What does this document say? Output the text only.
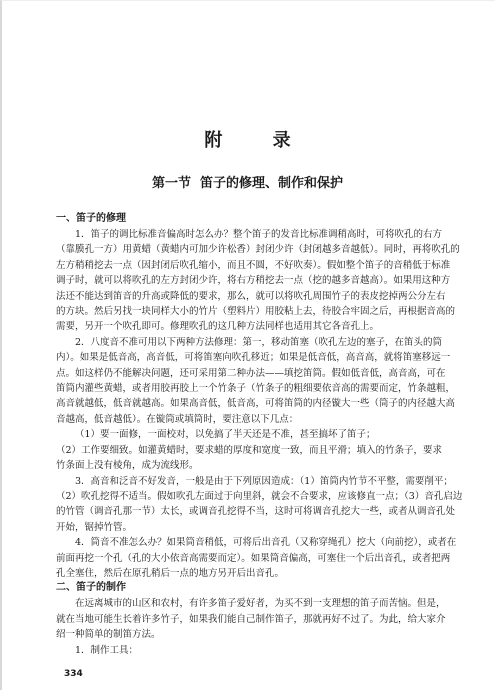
附 录
第一节  笛子的修理、制作和保护
一、笛子的修理
1．笛子的调比标准音偏高时怎么办？整个笛子的发音比标准调稍高时，可将吹孔的右方
（靠膜孔一方）用黄蜡（黄蜡内可加少许松香）封闭少许（封闭越多音越低）。同时，再将吹孔的
左方稍稍挖去一点（因封闭后吹孔缩小，而且不圆，不好吹奏）。假如整个笛子的音稍低于标准
调子时，就可以将吹孔的左方封闭少许，将右方稍挖去一点（挖的越多音越高）。如果用这种方
法还不能达到笛音的升高或降低的要求，那么，就可以将吹孔周围竹子的表皮挖掉两公分左右
的方块。然后另找一块同样大小的竹片（塑料片）用胶粘上去，待胶合牢固之后，再根据音高的
需要，另开一个吹孔即可。修理吹孔的这几种方法同样也适用其它各音孔上。
2．八度音不准可用以下两种方法修理：第一，移动笛塞（吹孔左边的塞子，在笛头的筒
内）。如果是低音高，高音低，可将笛塞向吹孔移近；如果是低音低，高音高，就将笛塞移远一
点。如这样仍不能解决问题，还可采用第二种办法——填挖笛筒。假如低音低，高音高，可在
笛筒内灌些黄蜡，或者用胶再胶上一个竹条子（竹条子的粗细要依音高的需要而定，竹条越粗，
高音就越低，低音就越高。如果高音低，低音高，可将笛筒的内径镟大一些（筒子的内径越大高
音越高，低音越低）。在镟筒或填筒时，要注意以下几点：
（1）要一面修，一面校对，以免搞了半天还是不准，甚至搞坏了笛子；
（2）工作要细致。如灌黄蜡时，要求蜡的厚度和宽度一致，而且平滑；填入的竹条子，要求
竹条面上没有棱角，成为流线形。
3．高音和泛音不好发音，一般是由于下列原因造成：（1）笛筒内竹节不平整，需要削平；
（2）吹孔挖得不适当。假如吹孔左面过于向里斜，就会不合要求，应该修直一点；（3）音孔启边
的竹管（调音孔那一节）太长，或调音孔挖得不当，这时可将调音孔挖大一些，或者从调音孔处
开始，锯掉竹管。
4．筒音不准怎么办？如果筒音稍低，可将后出音孔（又称穿绳孔）挖大（向前挖），或者在
前面再挖一个孔（孔的大小依音高需要而定）。如果筒音偏高，可塞住一个后出音孔，或者把两
孔全塞住，然后在原孔稍后一点的地方另开后出音孔。
二、笛子的制作
在远离城市的山区和农村，有许多笛子爱好者，为买不到一支理想的笛子而苦恼。但是，
就在当地可能生长着许多竹子，如果我们能自己制作笛子，那就再好不过了。为此，给大家介
绍一种简单的制笛方法。
1．制作工具：
334
